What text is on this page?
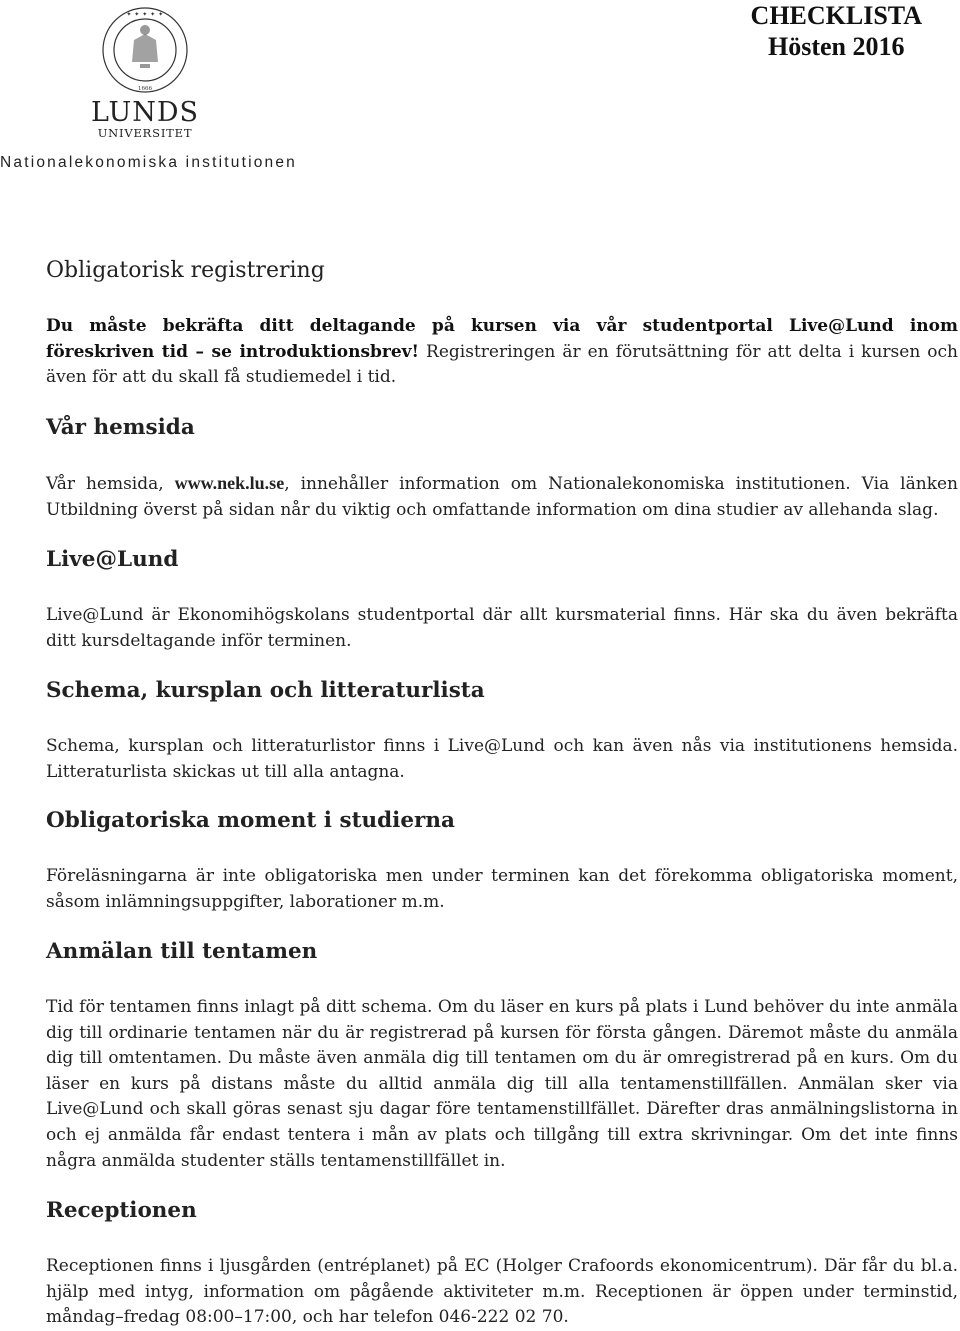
✦ ✦ ✦ ✦ ✦
1666
LUNDS
UNIVERSITET
Nationalekonomiska institutionen
CHECKLISTA
Hösten 2016
Obligatorisk registrering

Du måste bekräfta ditt deltagande på kursen via vår studentportal Live@Lund inom föreskriven tid – se introduktionsbrev! Registreringen är en förutsättning för att delta i kursen och även för att du skall få studiemedel i tid.

Vår hemsida

Vår hemsida, www.nek.lu.se, innehåller information om Nationalekonomiska institutionen. Via länken Utbildning överst på sidan når du viktig och omfattande information om dina studier av allehanda slag.

Live@Lund

Live@Lund är Ekonomihögskolans studentportal där allt kursmaterial finns. Här ska du även bekräfta ditt kursdeltagande inför terminen.

Schema, kursplan och litteraturlista

Schema, kursplan och litteraturlistor finns i Live@Lund och kan även nås via institutionens hemsida. Litteraturlista skickas ut till alla antagna.

Obligatoriska moment i studierna

Föreläsningarna är inte obligatoriska men under terminen kan det förekomma obligatoriska moment, såsom inlämningsuppgifter, laborationer m.m.

Anmälan till tentamen

Tid för tentamen finns inlagt på ditt schema. Om du läser en kurs på plats i Lund behöver du inte anmäla dig till ordinarie tentamen när du är registrerad på kursen för första gången. Däremot måste du anmäla dig till omtentamen. Du måste även anmäla dig till tentamen om du är omregistrerad på en kurs. Om du läser en kurs på distans måste du alltid anmäla dig till alla tentamenstillfällen. Anmälan sker via Live@Lund och skall göras senast sju dagar före tentamenstillfället. Därefter dras anmälningslistorna in och ej anmälda får endast tentera i mån av plats och tillgång till extra skrivningar. Om det inte finns några anmälda studenter ställs tentamenstillfället in.

Receptionen

Receptionen finns i ljusgården (entréplanet) på EC (Holger Crafoords ekonomicentrum). Där får du bl.a. hjälp med intyg, information om pågående aktiviteter m.m. Receptionen är öppen under terminstid, måndag–fredag 08:00–17:00, och har telefon 046-222 02 70.
